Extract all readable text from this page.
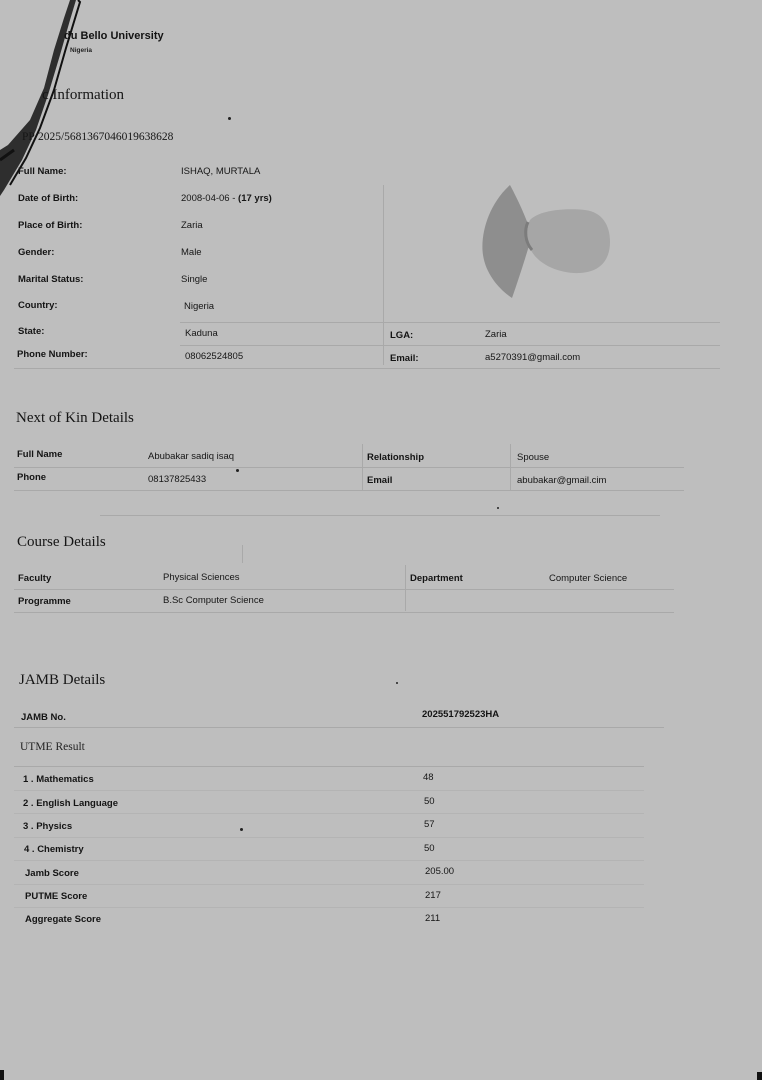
du Bello University
Nigeria
c Information
PP/2025/5681367046019638628
Full Name:	ISHAQ, MURTALA
Date of Birth:	2008-04-06 - (17 yrs)
Place of Birth:	Zaria
Gender:	Male
Marital Status:	Single
Country:	Nigeria
State:	Kaduna	LGA:	Zaria
Phone Number:	08062524805	Email:	a5270391@gmail.com
Next of Kin Details
Full Name	Abubakar sadiq isaq	Relationship	Spouse
Phone	08137825433	Email	abubakar@gmail.cim
Course Details
Faculty	Physical Sciences	Department	Computer Science
Programme	B.Sc Computer Science
JAMB Details
JAMB No.	202551792523HA
UTME Result
1 . Mathematics	48
2 . English Language	50
3 . Physics	57
4 . Chemistry	50
Jamb Score	205.00
PUTME Score	217
Aggregate Score	211
